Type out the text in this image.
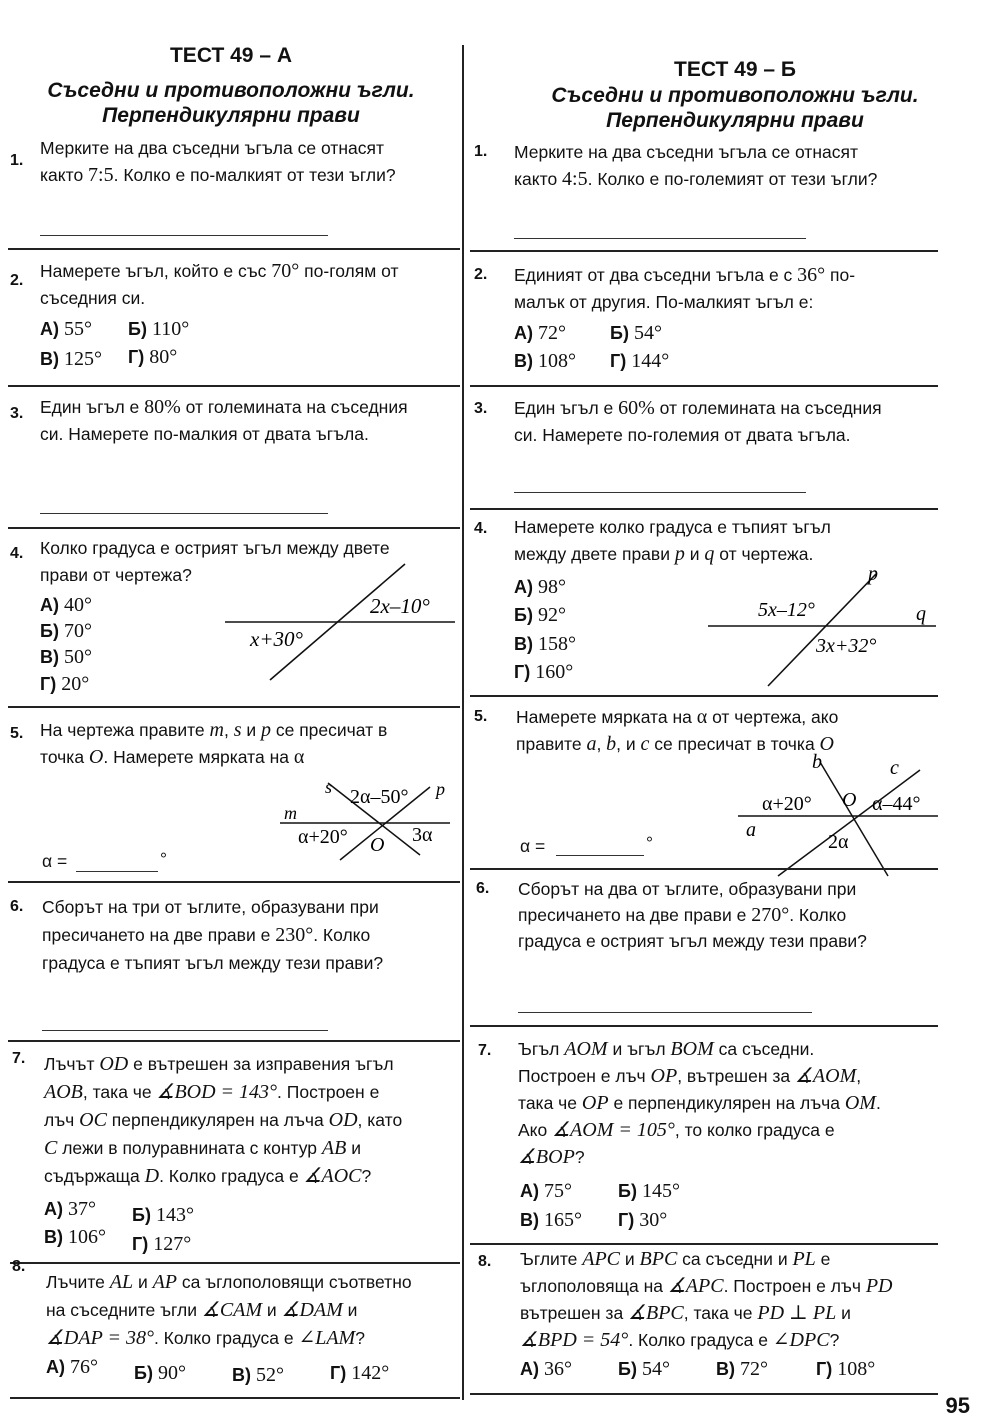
ТЕСТ 49 – А
Съседни и противоположни ъгли.
Перпендикулярни прави
1.
Мерките на два съседни ъгъла се отнасят
както 7:5. Колко е по-малкият от тези ъгли?
2. Намерете ъгъл, който е със 70° по-голям от
съседния си.
А) 55° Б) 110°
В) 125° Г) 80°
3. Един ъгъл е 80% от големината на съседния
си. Намерете по-малкия от двата ъгъла.
4. Колко градуса е острият ъгъл между двете
прави от чертежа?
А) 40°
Б) 70°
В) 50°
Г) 20°
2x–10°
x+30°
5. На чертежа правите m, s и p се пресичат в
точка O. Намерете мярката на α
s	p
m
O
2α–50°
α+20°	3α
α =	°
6. Сборът на три от ъглите, образувани при
пресичането на две прави е 230°. Колко
градуса е тъпият ъгъл между тези прави?
7. Лъчът OD е вътрешен за изправения ъгъл
AOB, така че ∡BOD = 143°. Построен е
лъч OC перпендикулярен на лъча OD, като
C лежи в полуравнината с контур AB и
съдържаща D. Колко градуса е ∡AOC?
А) 37° Б) 143°
В) 106° Г) 127°
8.
Лъчите AL и AP са ъглополовящи съответно
на съседните ъгли ∡CAM и ∡DAM и
∡DAP = 38°. Колко градуса е ∠LAM?
А) 76° Б) 90°	В) 52°	Г) 142°
ТЕСТ 49 – Б
Съседни и противоположни ъгли.
Перпендикулярни прави
1. Мерките на два съседни ъгъла се отнасят
както 4:5. Колко е по-големият от тези ъгли?
2. Единият от два съседни ъгъла е с 36° по-
малък от другия. По-малкият ъгъл е:
А) 72° Б) 54°
В) 108° Г) 144°
3. Един ъгъл е 60% от големината на съседния
си. Намерете по-големия от двата ъгъла.
4. Намерете колко градуса е тъпият ъгъл
между двете прави p и q от чертежа.
А) 98°
Б) 92°
В) 158°
Г) 160°
p
q
5x–12°
3x+32°
5. Намерете мярката на α от чертежа, ако
правите a, b, и c се пресичат в точка O
b	c
a
O
α+20°	α–44°
2α
α =	°
6. Сборът на два от ъглите, образувани при
пресичането на две прави е 270°. Колко
градуса е острият ъгъл между тези прави?
7. Ъгъл AOM и ъгъл BOM са съседни.
Построен е лъч OP, вътрешен за ∡AOM,
така че OP е перпендикулярен на лъча OM.
Ако ∡AOM = 105°, то колко градуса е
∡BOP?
А) 75°	Б) 145°
В) 165° Г) 30°
8. Ъглите APC и BPC са съседни и PL е
ъглополовяща на ∡APC. Построен е лъч PD
вътрешен за ∡BPC, така че PD ⊥ PL и
∡BPD = 54°. Колко градуса е ∠DPC?
А) 36°	Б) 54°	В) 72°	Г) 108°
95
